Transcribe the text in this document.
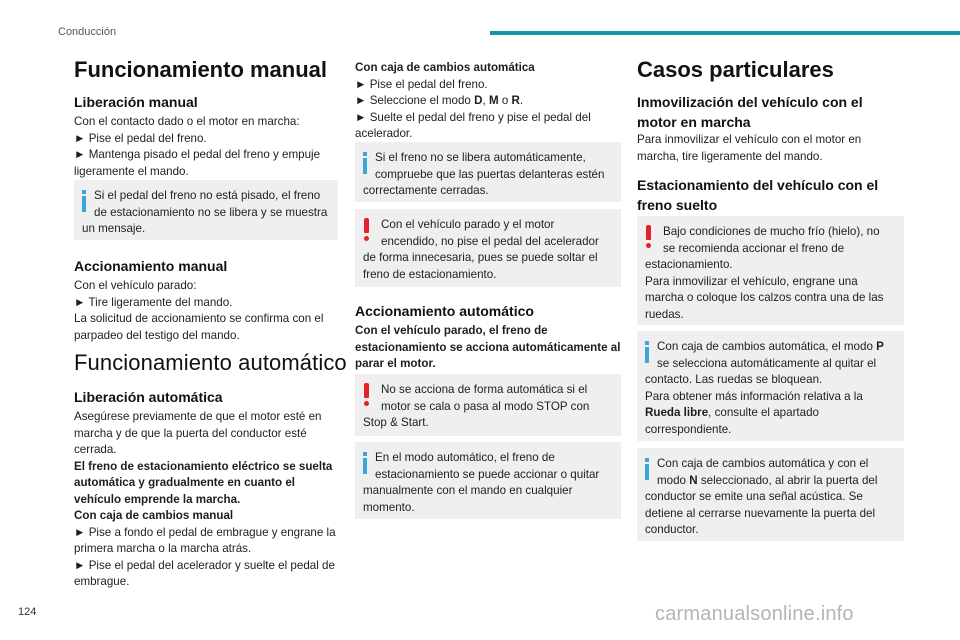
Conducción
Funcionamiento manual
Liberación manual
Con el contacto dado o el motor en marcha:
► Pise el pedal del freno.
► Mantenga pisado el pedal del freno y empuje ligeramente el mando.
Si el pedal del freno no está pisado, el freno de estacionamiento no se libera y se muestra un mensaje.
Accionamiento manual
Con el vehículo parado:
► Tire ligeramente del mando.
La solicitud de accionamiento se confirma con el parpadeo del testigo del mando.
Funcionamiento automático
Liberación automática
Asegúrese previamente de que el motor esté en marcha y de que la puerta del conductor esté cerrada.
El freno de estacionamiento eléctrico se suelta automática y gradualmente en cuanto el vehículo emprende la marcha.
Con caja de cambios manual
► Pise a fondo el pedal de embrague y engrane la primera marcha o la marcha atrás.
► Pise el pedal del acelerador y suelte el pedal de embrague.
Con caja de cambios automática
► Pise el pedal del freno.
► Seleccione el modo D, M o R.
► Suelte el pedal del freno y pise el pedal del acelerador.
Si el freno no se libera automáticamente, compruebe que las puertas delanteras estén correctamente cerradas.
Con el vehículo parado y el motor encendido, no pise el pedal del acelerador de forma innecesaria, pues se puede soltar el freno de estacionamiento.
Accionamiento automático
Con el vehículo parado, el freno de estacionamiento se acciona automáticamente al parar el motor.
No se acciona de forma automática si el motor se cala o pasa al modo STOP con Stop & Start.
En el modo automático, el freno de estacionamiento se puede accionar o quitar manualmente con el mando en cualquier momento.
Casos particulares
Inmovilización del vehículo con el motor en marcha
Para inmovilizar el vehículo con el motor en marcha, tire ligeramente del mando.
Estacionamiento del vehículo con el freno suelto
Bajo condiciones de mucho frío (hielo), no se recomienda accionar el freno de estacionamiento.
Para inmovilizar el vehículo, engrane una marcha o coloque los calzos contra una de las ruedas.
Con caja de cambios automática, el modo P se selecciona automáticamente al quitar el contacto. Las ruedas se bloquean.
Para obtener más información relativa a la Rueda libre, consulte el apartado correspondiente.
Con caja de cambios automática y con el modo N seleccionado, al abrir la puerta del conductor se emite una señal acústica. Se detiene al cerrarse nuevamente la puerta del conductor.
124	carmanualsonline.info
